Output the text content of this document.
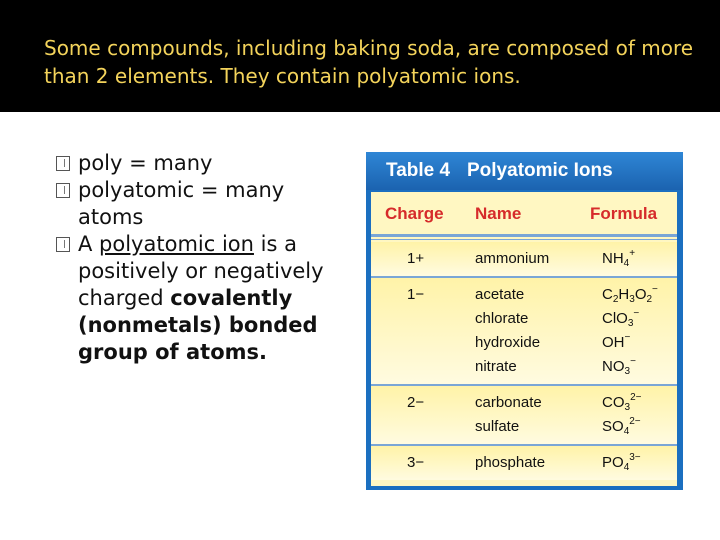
Some compounds, including baking soda, are composed of more than 2 elements. They contain polyatomic ions.
poly = many
polyatomic = many
atoms
A polyatomic ion is a
positively or negatively
charged covalently
(nonmetals) bonded
group of atoms.
Table 4 Polyatomic Ions
Charge Name	Formula
1+	ammonium	$NH_4^+$
1−	acetate	$C_2H_3O_2^-$
chlorate	ClO$_3$−
hydroxide	OH−
nitrate	$NO_3^-$
2−	carbonate	$CO_3^{2-}$
sulfate	$SO_4^{2-}$
3−	phosphate	$PO_4^{3-}$
